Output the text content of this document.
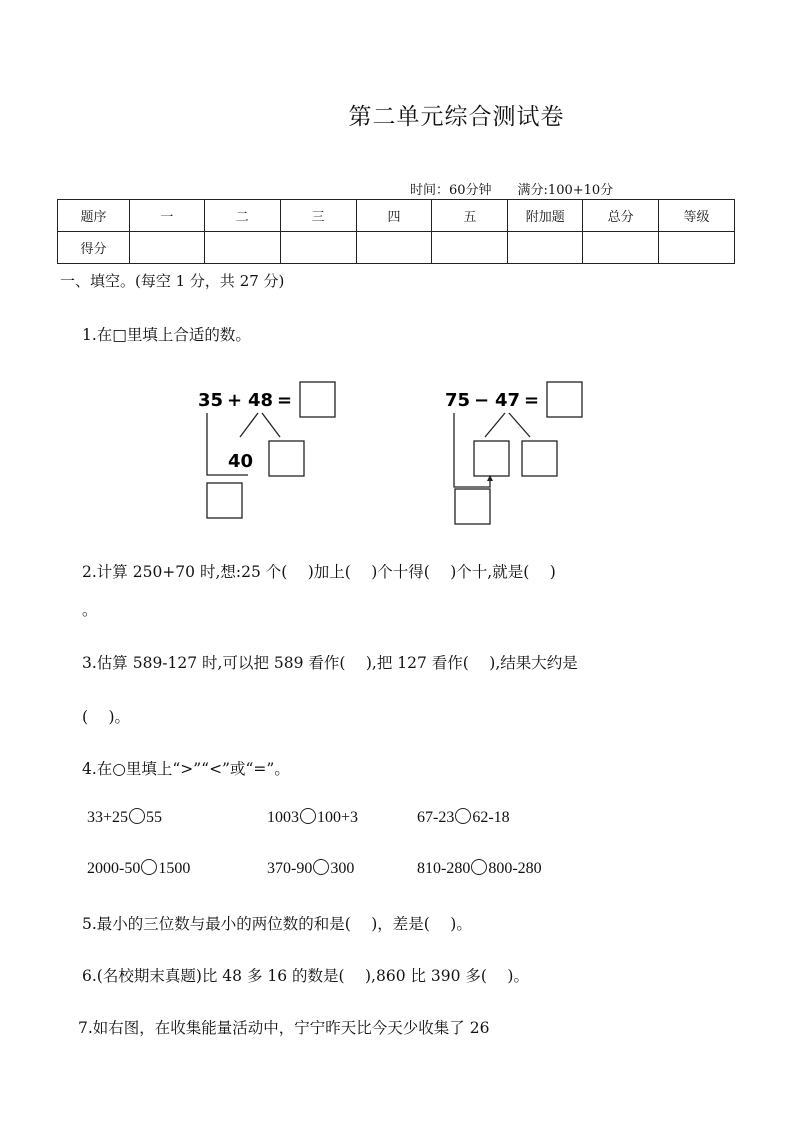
第二单元综合测试卷
时间：60分钟 满分:100+10分
题序	一	二	三	四	五	附加题	总分	等级
得分								
一、填空。(每空 1 分，共 27 分)
1.在□里填上合适的数。
35 + 48 =
40
75 − 47 =
2.计算 250+70 时,想:25 个(　 )加上(　 )个十得(　 )个十,就是(　 )
。
3.估算 589-127 时,可以把 589 看作(　 ),把 127 看作(　 ),结果大约是
(　 )。
4.在○里填上“>”“<”或“=”。
33+25 55	1003 100+3	67-23 62-18
2000-50 1500	370-90 300	810-280 800-280
5.最小的三位数与最小的两位数的和是(　 )，差是(　 )。
6.(名校期末真题)比 48 多 16 的数是(　 ),860 比 390 多(　 )。
7.如右图，在收集能量活动中，宁宁昨天比今天少收集了 26
